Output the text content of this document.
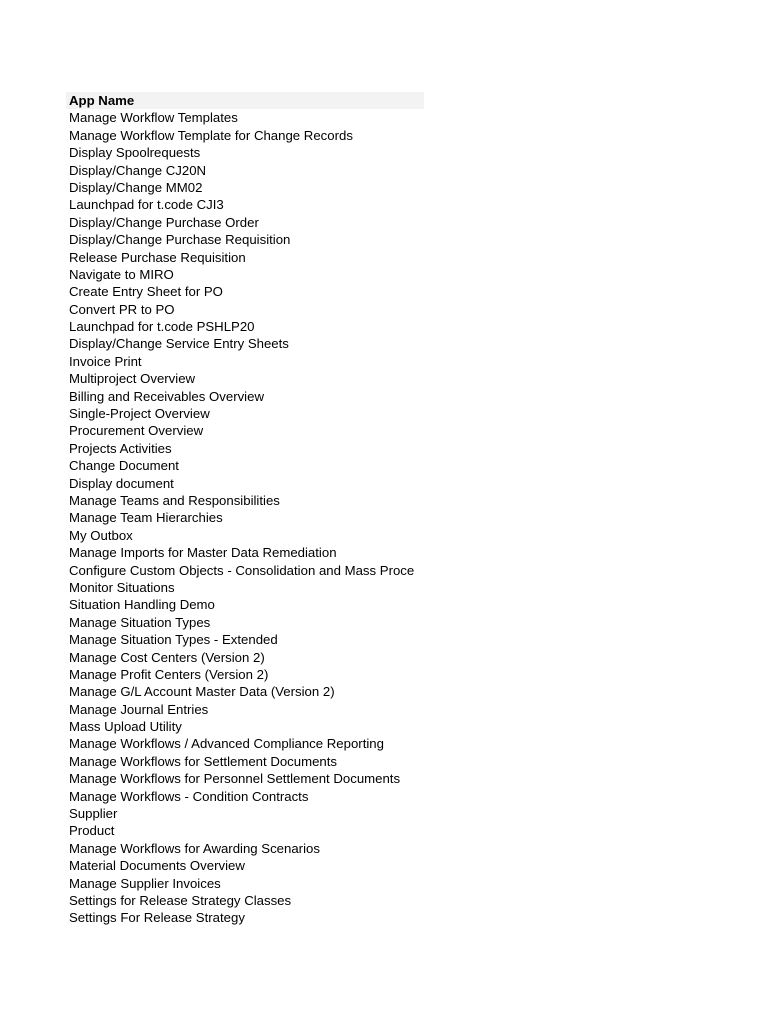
App Name
Manage Workflow Templates
Manage Workflow Template for Change Records
Display Spoolrequests
Display/Change CJ20N
Display/Change MM02
Launchpad for t.code CJI3
Display/Change Purchase Order
Display/Change Purchase Requisition
Release Purchase Requisition
Navigate to MIRO
Create Entry Sheet for PO
Convert PR to PO
Launchpad for t.code PSHLP20
Display/Change Service Entry Sheets
Invoice Print
Multiproject Overview
Billing and Receivables Overview
Single-Project Overview
Procurement Overview
Projects Activities
Change Document
Display document
Manage Teams and Responsibilities
Manage Team Hierarchies
My Outbox
Manage Imports for Master Data Remediation
Configure Custom Objects - Consolidation and Mass Proce
Monitor Situations
Situation Handling Demo
Manage Situation Types
Manage Situation Types - Extended
Manage Cost Centers (Version 2)
Manage Profit Centers (Version 2)
Manage G/L Account Master Data (Version 2)
Manage Journal Entries
Mass Upload Utility
Manage Workflows / Advanced Compliance Reporting
Manage Workflows for Settlement Documents
Manage Workflows for Personnel Settlement Documents
Manage Workflows - Condition Contracts
Supplier
Product
Manage Workflows for Awarding Scenarios
Material Documents Overview
Manage Supplier Invoices
Settings for Release Strategy Classes
Settings For Release Strategy
